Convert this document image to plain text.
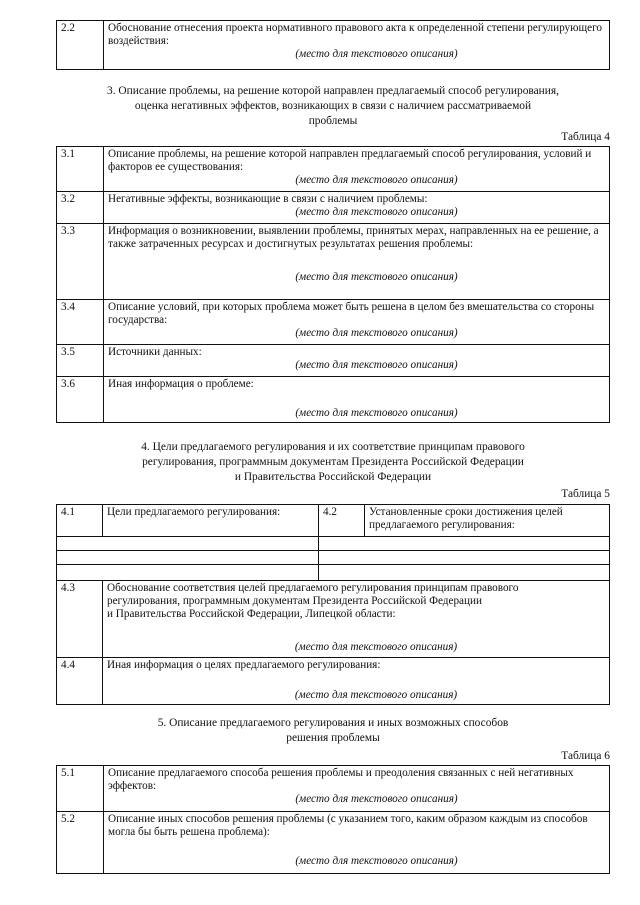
2.2	Обоснование отнесения проекта нормативного правового акта к определенной степени регулирующего воздействия:
(место для текстового описания)
3. Описание проблемы, на решение которой направлен предлагаемый способ регулирования,
оценка негативных эффектов, возникающих в связи с наличием рассматриваемой
проблемы
Таблица 4
3.1	Описание проблемы, на решение которой направлен предлагаемый способ регулирования, условий и факторов ее существования:
(место для текстового описания)

3.2	Негативные эффекты, возникающие в связи с наличием проблемы:
(место для текстового описания)

3.3	Информация о возникновении, выявлении проблемы, принятых мерах, направленных на ее решение, а также затраченных ресурсах и достигнутых результатах решения проблемы:
(место для текстового описания)

3.4	Описание условий, при которых проблема может быть решена в целом без вмешательства со стороны государства:
(место для текстового описания)

3.5	Источники данных:
(место для текстового описания)

3.6	Иная информация о проблеме:
(место для текстового описания)
4. Цели предлагаемого регулирования и их соответствие принципам правового
регулирования, программным документам Президента Российской Федерации
и Правительства Российской Федерации
Таблица 5
4.1	Цели предлагаемого регулирования:	4.2	Установленные сроки достижения целей предлагаемого регулирования:

4.3	Обоснование соответствия целей предлагаемого регулирования принципам правового
регулирования, программным документам Президента Российской Федерации
и Правительства Российской Федерации, Липецкой области:
(место для текстового описания)		

4.4	Иная информация о целях предлагаемого регулирования:
(место для текстового описания)		
5. Описание предлагаемого регулирования и иных возможных способов
решения проблемы
Таблица 6
5.1	Описание предлагаемого способа решения проблемы и преодоления связанных с ней негативных эффектов:
(место для текстового описания)

5.2	Описание иных способов решения проблемы (с указанием того, каким образом каждым из способов могла бы быть решена проблема):
(место для текстового описания)
